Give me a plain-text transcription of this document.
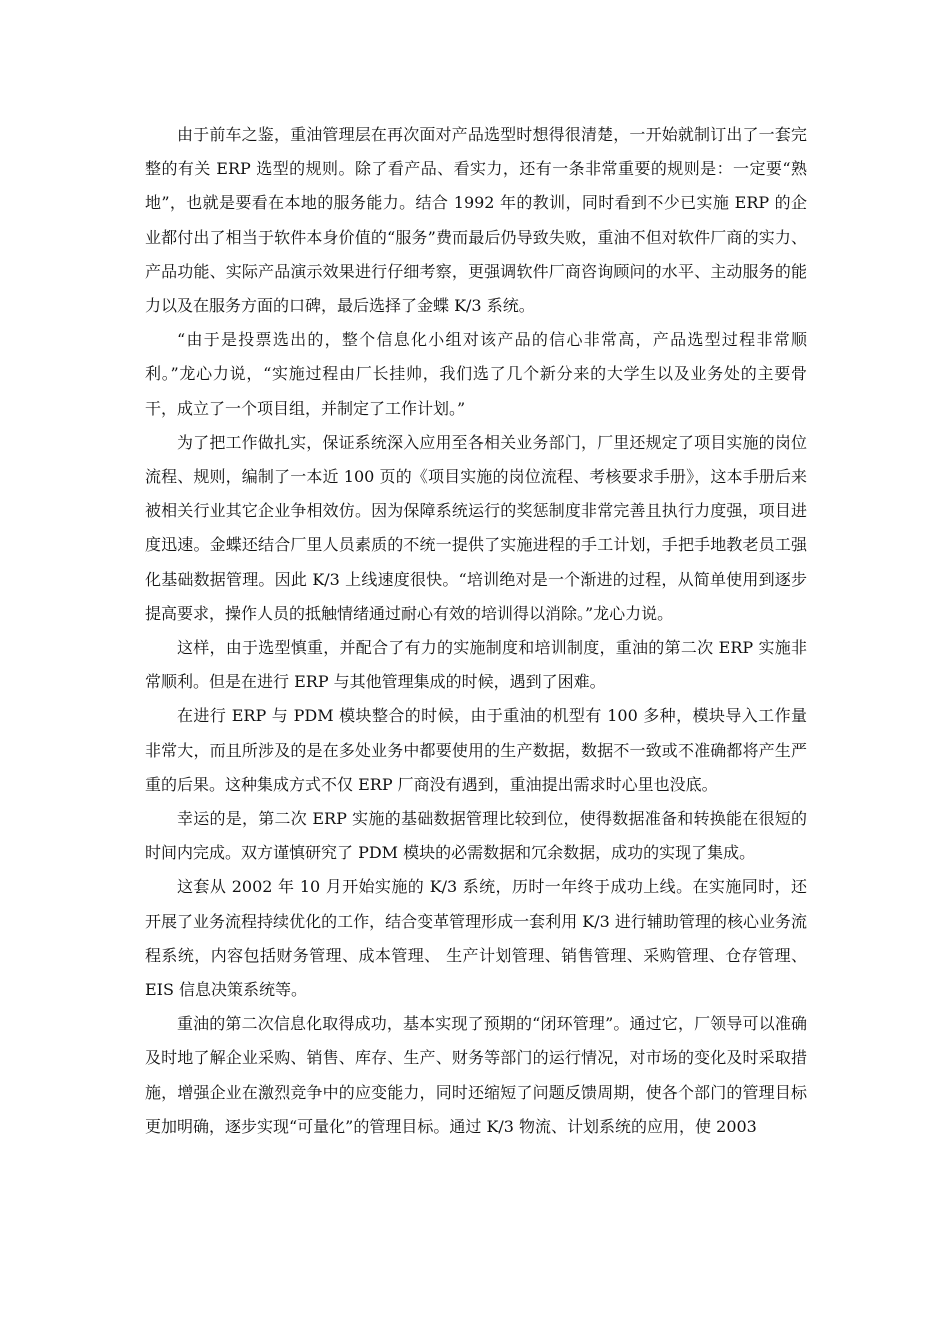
由于前车之鉴，重油管理层在再次面对产品选型时想得很清楚，一开始就制订出了一套完整的有关 ERP 选型的规则。除了看产品、看实力，还有一条非常重要的规则是：一定要“熟地”，也就是要看在本地的服务能力。结合 1992 年的教训，同时看到不少已实施 ERP 的企业都付出了相当于软件本身价值的“服务”费而最后仍导致失败，重油不但对软件厂商的实力、产品功能、实际产品演示效果进行仔细考察，更强调软件厂商咨询顾问的水平、主动服务的能力以及在服务方面的口碑，最后选择了金蝶 K/3 系统。

“由于是投票选出的，整个信息化小组对该产品的信心非常高，产品选型过程非常顺利。”龙心力说，“实施过程由厂长挂帅，我们选了几个新分来的大学生以及业务处的主要骨干，成立了一个项目组，并制定了工作计划。”

为了把工作做扎实，保证系统深入应用至各相关业务部门，厂里还规定了项目实施的岗位流程、规则，编制了一本近 100 页的《项目实施的岗位流程、考核要求手册》，这本手册后来被相关行业其它企业争相效仿。因为保障系统运行的奖惩制度非常完善且执行力度强，项目进度迅速。金蝶还结合厂里人员素质的不统一提供了实施进程的手工计划，手把手地教老员工强化基础数据管理。因此 K/3 上线速度很快。“培训绝对是一个渐进的过程，从简单使用到逐步提高要求，操作人员的抵触情绪通过耐心有效的培训得以消除。”龙心力说。

这样，由于选型慎重，并配合了有力的实施制度和培训制度，重油的第二次 ERP 实施非常顺利。但是在进行 ERP 与其他管理集成的时候，遇到了困难。

在进行 ERP 与 PDM 模块整合的时候，由于重油的机型有 100 多种，模块导入工作量非常大，而且所涉及的是在多处业务中都要使用的生产数据，数据不一致或不准确都将产生严重的后果。这种集成方式不仅 ERP 厂商没有遇到，重油提出需求时心里也没底。

幸运的是，第二次 ERP 实施的基础数据管理比较到位，使得数据准备和转换能在很短的时间内完成。双方谨慎研究了 PDM 模块的必需数据和冗余数据，成功的实现了集成。

这套从 2002 年 10 月开始实施的 K/3 系统，历时一年终于成功上线。在实施同时，还开展了业务流程持续优化的工作，结合变革管理形成一套利用 K/3 进行辅助管理的核心业务流程系统，内容包括财务管理、成本管理、 生产计划管理、销售管理、采购管理、仓存管理、EIS 信息决策系统等。

重油的第二次信息化取得成功，基本实现了预期的“闭环管理”。通过它，厂领导可以准确及时地了解企业采购、销售、库存、生产、财务等部门的运行情况，对市场的变化及时采取措施，增强企业在激烈竞争中的应变能力，同时还缩短了问题反馈周期，使各个部门的管理目标更加明确，逐步实现“可量化”的管理目标。通过 K/3 物流、计划系统的应用，使 2003
